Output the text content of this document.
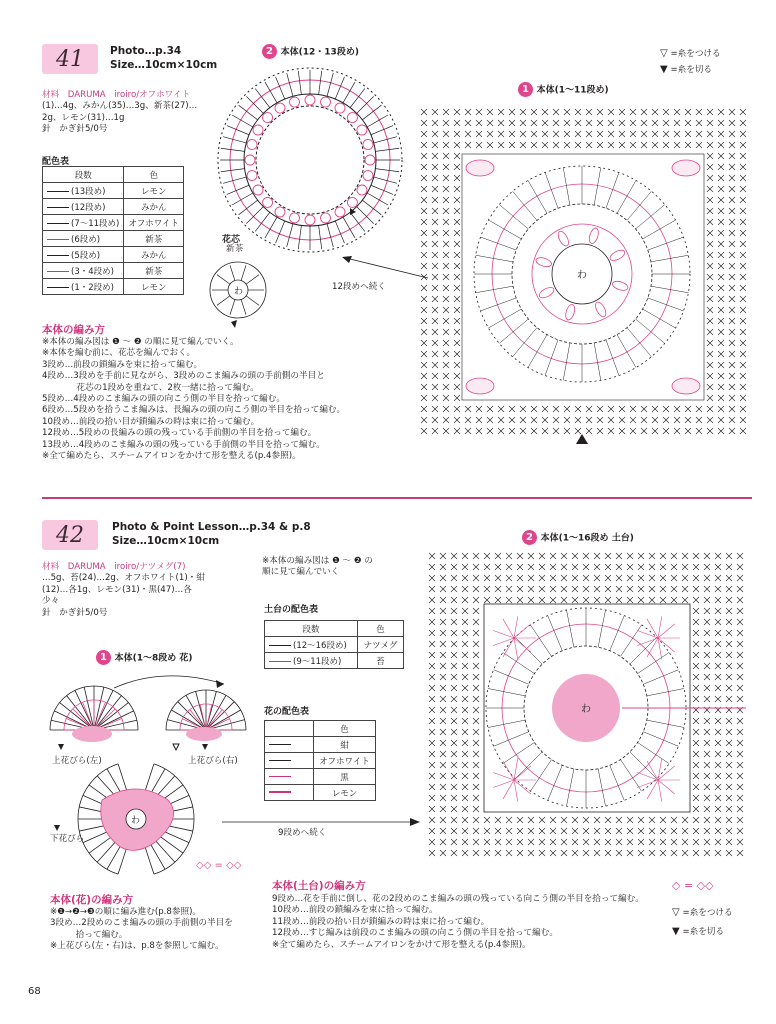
41	Photo…p.34
Size…10cm×10cm
材料　DARUMA　iroiro/オフホワイト
(1)…4g、みかん(35)…3g、新茶(27)…
2g、レモン(31)…1g
針　かぎ針5/0号
配色表
段数	色
(13段め)	レモン
(12段め)	みかん
(7〜11段め)	オフホワイト
(6段め)	新茶
(5段め)	みかん
(3・4段め)	新茶
(1・2段め)	レモン
本体の編み方
※本体の編み図は ❶ 〜 ❷ の順に見て編んでいく。
※本体を編む前に、花芯を編んでおく。
3段め…前段の鎖編みを束に拾って編む。
4段め…3段めを手前に見ながら、3段めのこま編みの頭の手前側の半目と
　　　　花芯の1段めを重ねて、2枚一緒に拾って編む。
5段め…4段めのこま編みの頭の向こう側の半目を拾って編む。
6段め…5段めを拾うこま編みは、長編みの頭の向こう側の半目を拾って編む。
10段め…前段の拾い目が鎖編みの時は束に拾って編む。
12段め…5段めの長編みの頭の残っている手前側の半目を拾って編む。
13段め…4段めのこま編みの頭の残っている手前側の半目を拾って編む。
※全て編めたら、スチームアイロンをかけて形を整える(p.4参照)。
2 本体(12・13段め)
花芯
新茶
わ	12段めへ続く
▽ =糸をつける
▼ =糸を切る
1 本体(1〜11段め)
わ
42	Photo & Point Lesson…p.34 & p.8
Size…10cm×10cm
材料　DARUMA　iroiro/ナツメグ(7)
…5g、苔(24)…2g、オフホワイト(1)・紺
(12)…各1g、レモン(31)・黒(47)…各
少々
針　かぎ針5/0号
※本体の編み図は ❶ 〜 ❷ の
順に見て編んでいく
土台の配色表
段数	色
(12〜16段め)	ナツメグ
(9〜11段め)	苔
花の配色表
	色
	紺
	オフホワイト
	黒
	レモン
1 本体(1〜8段め 花)
わ
◇◇ = ◇◇
上花びら(左)	上花びら(右)
下花びら
9段めへ続く
2 本体(1〜16段め 土台)
わ
本体(花)の編み方
※❶→❷→❸の順に編み進む(p.8参照)。
3段め…2段めのこま編みの頭の手前側の半目を
　　　拾って編む。
※上花びら(左・右)は、p.8を参照して編む。
本体(土台)の編み方
9段め…花を手前に倒し、花の2段めのこま編みの頭の残っている向こう側の半目を拾って編む。
10段め…前段の鎖編みを束に拾って編む。
11段め…前段の拾い目が鎖編みの時は束に拾って編む。
12段め…すじ編みは前段のこま編みの頭の向こう側の半目を拾って編む。
※全て編めたら、スチームアイロンをかけて形を整える(p.4参照)。
◇ = ◇◇
▽ =糸をつける
▼ =糸を切る
68
